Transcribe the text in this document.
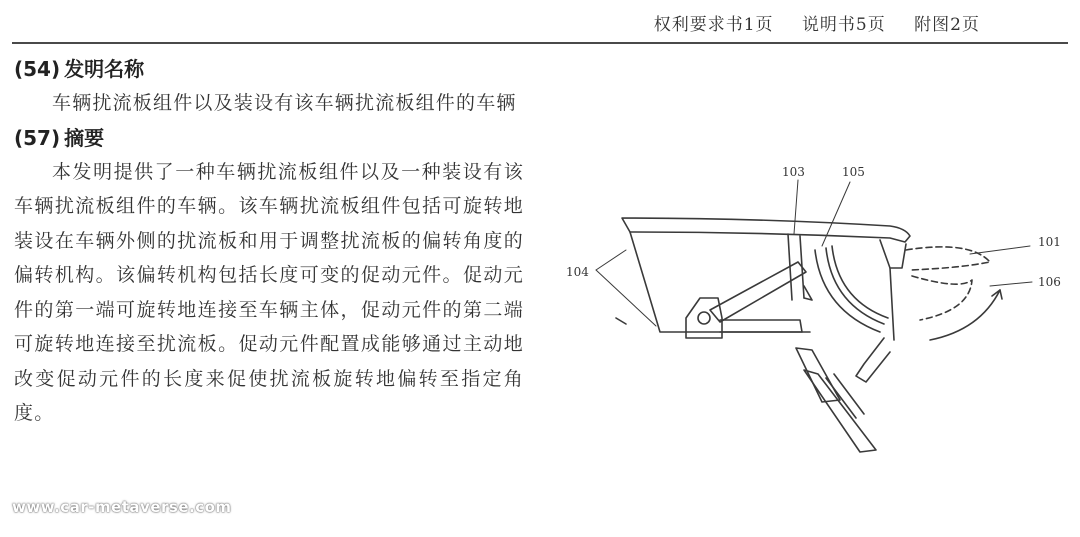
权利要求书1页 说明书5页 附图2页
(54) 发明名称

车辆扰流板组件以及装设有该车辆扰流板组件的车辆

(57) 摘要

本发明提供了一种车辆扰流板组件以及一种装设有该车辆扰流板组件的车辆。该车辆扰流板组件包括可旋转地装设在车辆外侧的扰流板和用于调整扰流板的偏转角度的偏转机构。该偏转机构包括长度可变的促动元件。促动元件的第一端可旋转地连接至车辆主体，促动元件的第二端可旋转地连接至扰流板。促动元件配置成能够通过主动地改变促动元件的长度来促使扰流板旋转地偏转至指定角度。

www.car-metaverse.com
103	105
101
106
104
